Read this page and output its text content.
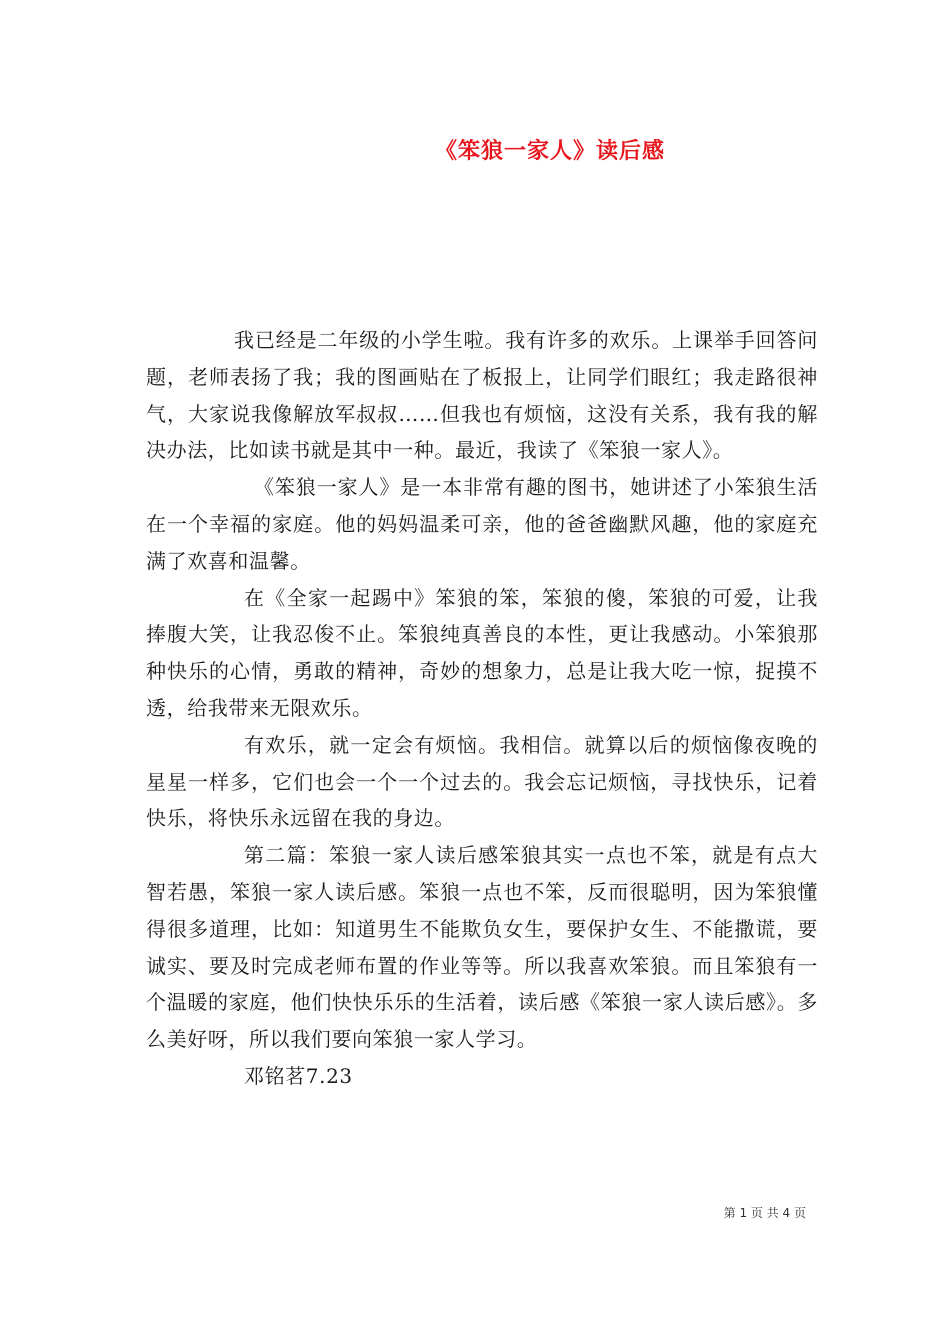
《笨狼一家人》读后感

我已经是二年级的小学生啦。我有许多的欢乐。上课举手回答问题，老师表扬了我；我的图画贴在了板报上，让同学们眼红；我走路很神气，大家说我像解放军叔叔……但我也有烦恼，这没有关系，我有我的解决办法，比如读书就是其中一种。最近，我读了《笨狼一家人》。

《笨狼一家人》是一本非常有趣的图书，她讲述了小笨狼生活在一个幸福的家庭。他的妈妈温柔可亲，他的爸爸幽默风趣，他的家庭充满了欢喜和温馨。

在《全家一起踢中》笨狼的笨，笨狼的傻，笨狼的可爱，让我捧腹大笑，让我忍俊不止。笨狼纯真善良的本性，更让我感动。小笨狼那种快乐的心情，勇敢的精神，奇妙的想象力，总是让我大吃一惊，捉摸不透，给我带来无限欢乐。

有欢乐，就一定会有烦恼。我相信。就算以后的烦恼像夜晚的星星一样多，它们也会一个一个过去的。我会忘记烦恼，寻找快乐，记着快乐，将快乐永远留在我的身边。

第二篇：笨狼一家人读后感笨狼其实一点也不笨，就是有点大智若愚，笨狼一家人读后感。笨狼一点也不笨，反而很聪明，因为笨狼懂得很多道理，比如：知道男生不能欺负女生，要保护女生、不能撒谎，要诚实、要及时完成老师布置的作业等等。所以我喜欢笨狼。而且笨狼有一个温暖的家庭，他们快快乐乐的生活着，读后感《笨狼一家人读后感》。多么美好呀，所以我们要向笨狼一家人学习。

邓铭茗7.23

第 1 页 共 4 页
